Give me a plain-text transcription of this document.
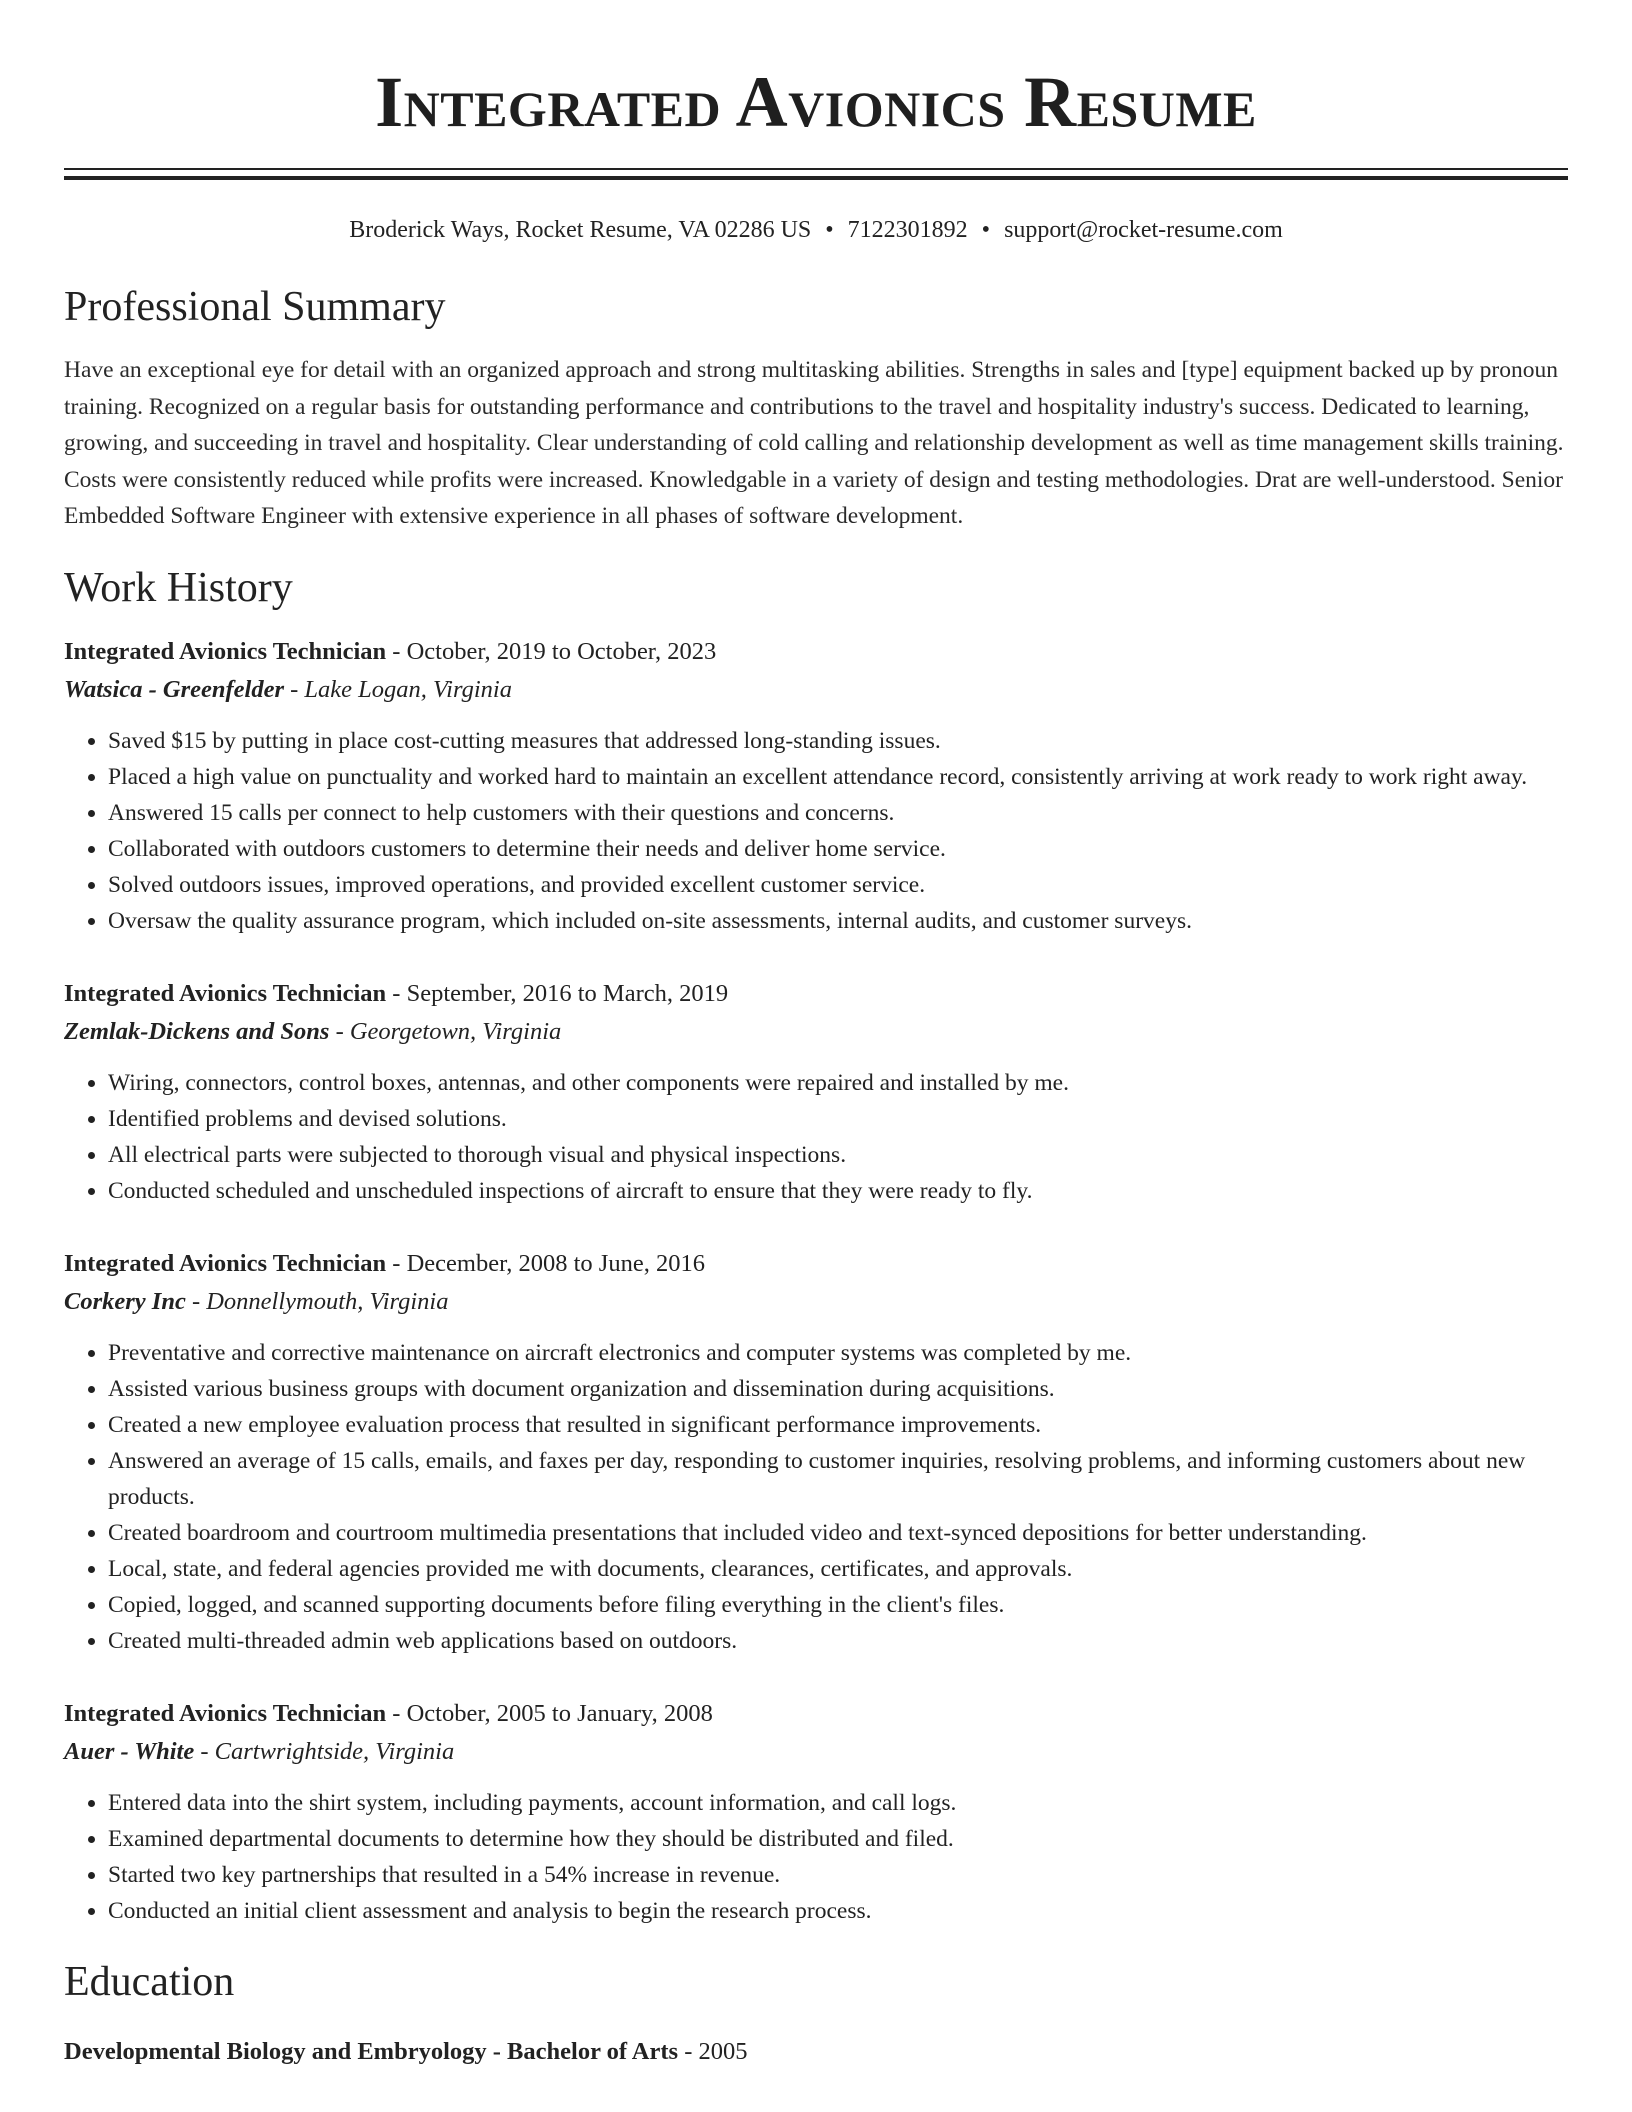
Integrated Avionics Resume
Broderick Ways, Rocket Resume, VA 02286 US • 7122301892 • support@rocket-resume.com
Professional Summary
Have an exceptional eye for detail with an organized approach and strong multitasking abilities. Strengths in sales and [type] equipment backed up by pronoun training. Recognized on a regular basis for outstanding performance and contributions to the travel and hospitality industry's success. Dedicated to learning, growing, and succeeding in travel and hospitality. Clear understanding of cold calling and relationship development as well as time management skills training. Costs were consistently reduced while profits were increased. Knowledgable in a variety of design and testing methodologies. Drat are well-understood. Senior Embedded Software Engineer with extensive experience in all phases of software development.
Work History
Integrated Avionics Technician - October, 2019 to October, 2023
Watsica - Greenfelder - Lake Logan, Virginia
• Saved $15 by putting in place cost-cutting measures that addressed long-standing issues.
• Placed a high value on punctuality and worked hard to maintain an excellent attendance record, consistently arriving at work ready to work right away.
• Answered 15 calls per connect to help customers with their questions and concerns.
• Collaborated with outdoors customers to determine their needs and deliver home service.
• Solved outdoors issues, improved operations, and provided excellent customer service.
• Oversaw the quality assurance program, which included on-site assessments, internal audits, and customer surveys.
Integrated Avionics Technician - September, 2016 to March, 2019
Zemlak-Dickens and Sons - Georgetown, Virginia
• Wiring, connectors, control boxes, antennas, and other components were repaired and installed by me.
• Identified problems and devised solutions.
• All electrical parts were subjected to thorough visual and physical inspections.
• Conducted scheduled and unscheduled inspections of aircraft to ensure that they were ready to fly.
Integrated Avionics Technician - December, 2008 to June, 2016
Corkery Inc - Donnellymouth, Virginia
• Preventative and corrective maintenance on aircraft electronics and computer systems was completed by me.
• Assisted various business groups with document organization and dissemination during acquisitions.
• Created a new employee evaluation process that resulted in significant performance improvements.
• Answered an average of 15 calls, emails, and faxes per day, responding to customer inquiries, resolving problems, and informing customers about new products.
• Created boardroom and courtroom multimedia presentations that included video and text-synced depositions for better understanding.
• Local, state, and federal agencies provided me with documents, clearances, certificates, and approvals.
• Copied, logged, and scanned supporting documents before filing everything in the client's files.
• Created multi-threaded admin web applications based on outdoors.
Integrated Avionics Technician - October, 2005 to January, 2008
Auer - White - Cartwrightside, Virginia
• Entered data into the shirt system, including payments, account information, and call logs.
• Examined departmental documents to determine how they should be distributed and filed.
• Started two key partnerships that resulted in a 54% increase in revenue.
• Conducted an initial client assessment and analysis to begin the research process.
Education
Developmental Biology and Embryology - Bachelor of Arts - 2005
